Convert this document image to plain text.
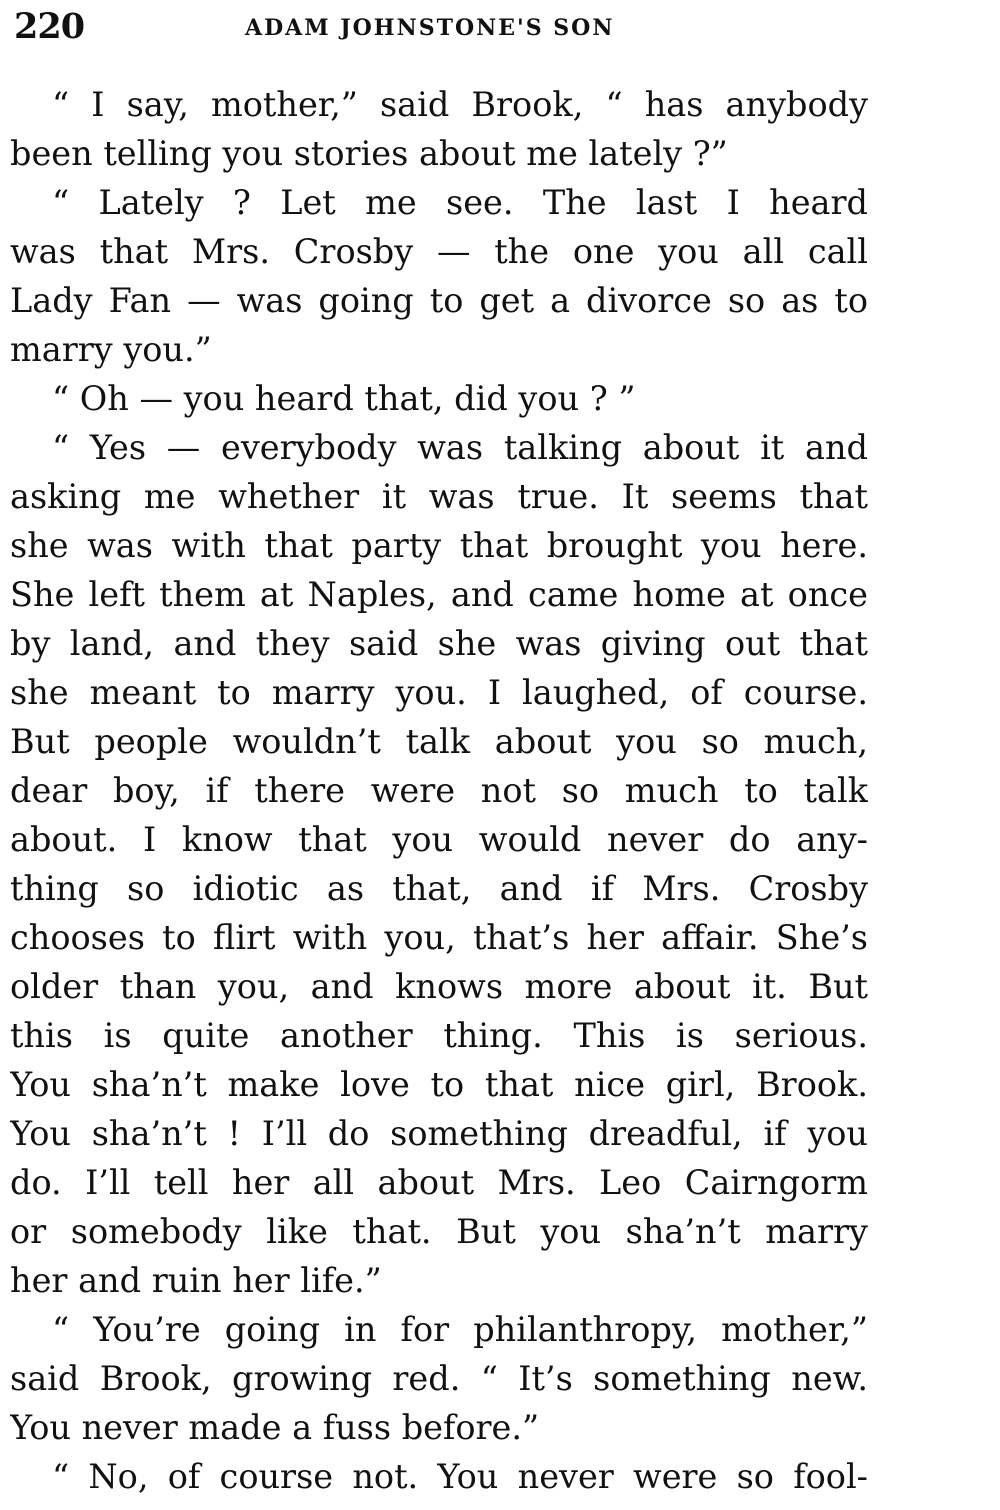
220	ADAM JOHNSTONE'S SON
“ I say, mother,” said Brook, “ has anybody
been telling you stories about me lately ?”
“ Lately ? Let me see. The last I heard
was that Mrs. Crosby — the one you all call
Lady Fan — was going to get a divorce so as to
marry you.”
“ Oh — you heard that, did you ? ”
“ Yes — everybody was talking about it and
asking me whether it was true. It seems that
she was with that party that brought you here.
She left them at Naples, and came home at once
by land, and they said she was giving out that
she meant to marry you. I laughed, of course.
But people wouldn’t talk about you so much,
dear boy, if there were not so much to talk
about. I know that you would never do any-
thing so idiotic as that, and if Mrs. Crosby
chooses to flirt with you, that’s her affair. She’s
older than you, and knows more about it. But
this is quite another thing. This is serious.
You sha’n’t make love to that nice girl, Brook.
You sha’n’t ! I’ll do something dreadful, if you
do. I’ll tell her all about Mrs. Leo Cairngorm
or somebody like that. But you sha’n’t marry
her and ruin her life.”
“ You’re going in for philanthropy, mother,”
said Brook, growing red. “ It’s something new.
You never made a fuss before.”
“ No, of course not. You never were so fool-
